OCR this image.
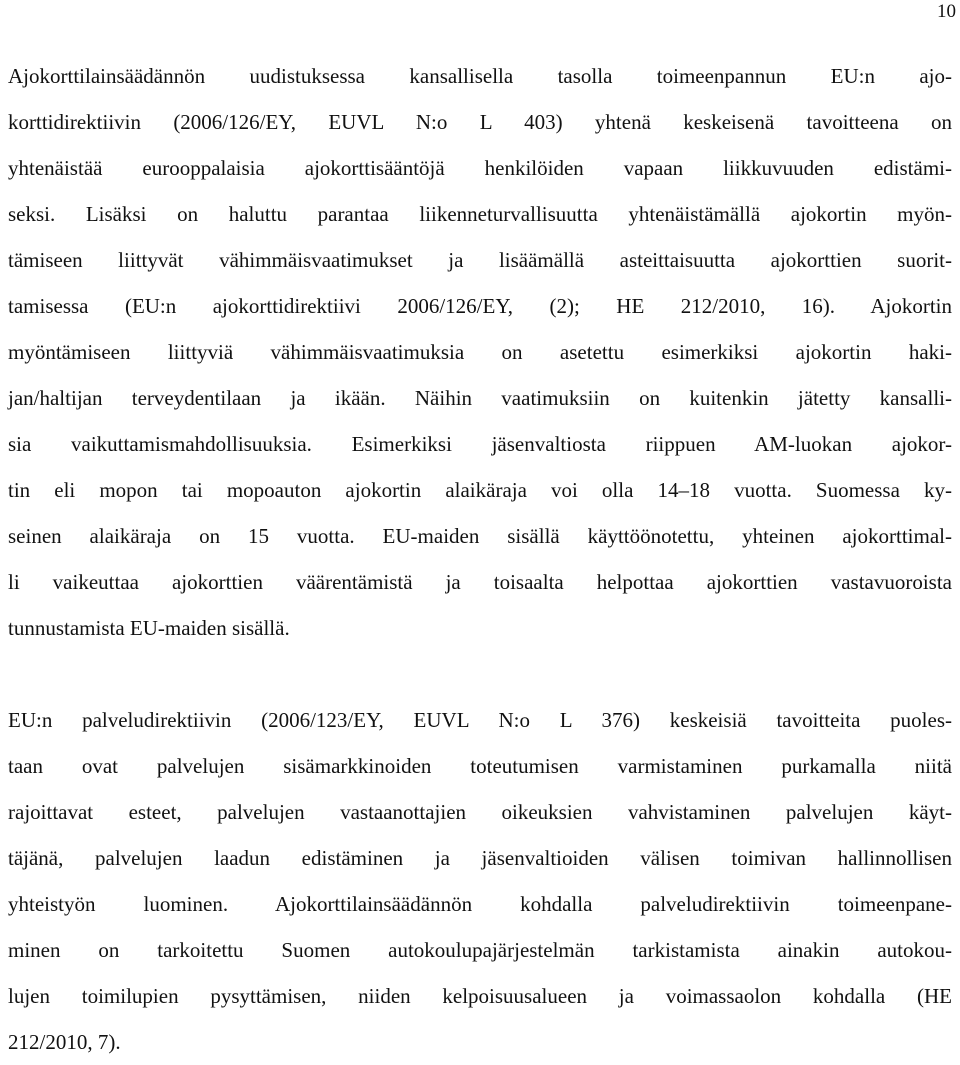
10
Ajokorttilainsäädännön uudistuksessa kansallisella tasolla toimeenpannun EU:n ajo-
korttidirektiivin (2006/126/EY, EUVL N:o L 403) yhtenä keskeisenä tavoitteena on
yhtenäistää eurooppalaisia ajokorttisääntöjä henkilöiden vapaan liikkuvuuden edistämi-
seksi. Lisäksi on haluttu parantaa liikenneturvallisuutta yhtenäistämällä ajokortin myön-
tämiseen liittyvät vähimmäisvaatimukset ja lisäämällä asteittaisuutta ajokorttien suorit-
tamisessa (EU:n ajokorttidirektiivi 2006/126/EY, (2); HE 212/2010, 16). Ajokortin
myöntämiseen liittyviä vähimmäisvaatimuksia on asetettu esimerkiksi ajokortin haki-
jan/haltijan terveydentilaan ja ikään. Näihin vaatimuksiin on kuitenkin jätetty kansalli-
sia vaikuttamismahdollisuuksia. Esimerkiksi jäsenvaltiosta riippuen AM-luokan ajokor-
tin eli mopon tai mopoauton ajokortin alaikäraja voi olla 14–18 vuotta. Suomessa ky-
seinen alaikäraja on 15 vuotta. EU-maiden sisällä käyttöönotettu, yhteinen ajokorttimal-
li vaikeuttaa ajokorttien väärentämistä ja toisaalta helpottaa ajokorttien vastavuoroista
tunnustamista EU-maiden sisällä.
EU:n palveludirektiivin (2006/123/EY, EUVL N:o L 376) keskeisiä tavoitteita puoles-
taan ovat palvelujen sisämarkkinoiden toteutumisen varmistaminen purkamalla niitä
rajoittavat esteet, palvelujen vastaanottajien oikeuksien vahvistaminen palvelujen käyt-
täjänä, palvelujen laadun edistäminen ja jäsenvaltioiden välisen toimivan hallinnollisen
yhteistyön luominen. Ajokorttilainsäädännön kohdalla palveludirektiivin toimeenpane-
minen on tarkoitettu Suomen autokoulupajärjestelmän tarkistamista ainakin autokou-
lujen toimilupien pysyttämisen, niiden kelpoisuusalueen ja voimassaolon kohdalla (HE
212/2010, 7).
